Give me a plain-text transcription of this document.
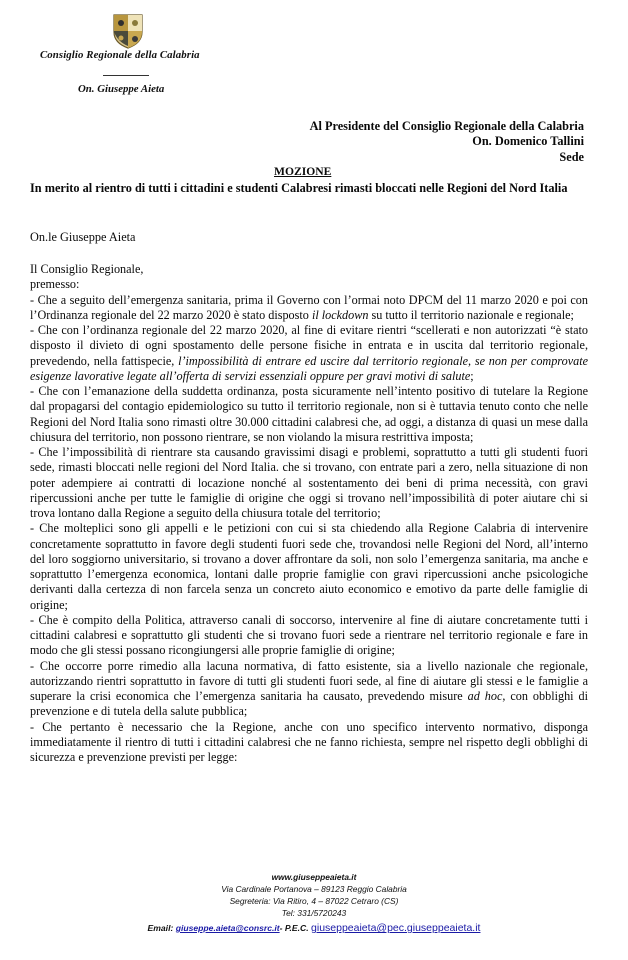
Consiglio Regionale della Calabria
On. Giuseppe Aieta
Al Presidente del Consiglio Regionale della Calabria
On. Domenico Tallini
Sede
MOZIONE
In merito al rientro di tutti i cittadini e studenti Calabresi rimasti bloccati nelle Regioni del Nord Italia
On.le Giuseppe Aieta

Il Consiglio Regionale,

premesso:

- Che a seguito dell’emergenza sanitaria, prima il Governo con l’ormai noto DPCM del 11 marzo 2020 e poi con l’Ordinanza regionale del 22 marzo 2020 è stato disposto il lockdown su tutto il territorio nazionale e regionale;

- Che con l’ordinanza regionale del 22 marzo 2020, al fine di evitare rientri “scellerati e non autorizzati “è stato disposto il divieto di ogni spostamento delle persone fisiche in entrata e in uscita dal territorio regionale, prevedendo, nella fattispecie, l’impossibilità di entrare ed uscire dal territorio regionale, se non per comprovate esigenze lavorative legate all’offerta di servizi essenziali oppure per gravi motivi di salute;

- Che con l’emanazione della suddetta ordinanza, posta sicuramente nell’intento positivo di tutelare la Regione dal propagarsi del contagio epidemiologico su tutto il territorio regionale, non si è tuttavia tenuto conto che nelle Regioni del Nord Italia sono rimasti oltre 30.000 cittadini calabresi che, ad oggi, a distanza di quasi un mese dalla chiusura del territorio, non possono rientrare, se non violando la misura restrittiva imposta;

- Che l’impossibilità di rientrare sta causando gravissimi disagi e problemi, soprattutto a tutti gli studenti fuori sede, rimasti bloccati nelle regioni del Nord Italia. che si trovano, con entrate pari a zero, nella situazione di non poter adempiere ai contratti di locazione nonché al sostentamento dei beni di prima necessità, con gravi ripercussioni anche per tutte le famiglie di origine che oggi si trovano nell’impossibilità di poter aiutare chi si trova lontano dalla Regione a seguito della chiusura totale del territorio;

- Che molteplici sono gli appelli e le petizioni con cui si sta chiedendo alla Regione Calabria di intervenire concretamente soprattutto in favore degli studenti fuori sede che, trovandosi nelle Regioni del Nord, all’interno del loro soggiorno universitario, si trovano a dover affrontare da soli, non solo l’emergenza sanitaria, ma anche e soprattutto l’emergenza economica, lontani dalle proprie famiglie con gravi ripercussioni anche psicologiche derivanti dalla certezza di non farcela senza un concreto aiuto economico e emotivo da parte delle famiglie di origine;

- Che è compito della Politica, attraverso canali di soccorso, intervenire al fine di aiutare concretamente tutti i cittadini calabresi e soprattutto gli studenti che si trovano fuori sede a rientrare nel territorio regionale e fare in modo che gli stessi possano ricongiungersi alle proprie famiglie di origine;

- Che occorre porre rimedio alla lacuna normativa, di fatto esistente, sia a livello nazionale che regionale, autorizzando rientri soprattutto in favore di tutti gli studenti fuori sede, al fine di aiutare gli stessi e le famiglie a superare la crisi economica che l’emergenza sanitaria ha causato, prevedendo misure ad hoc, con obblighi di prevenzione e di tutela della salute pubblica;

- Che pertanto è necessario che la Regione, anche con uno specifico intervento normativo, disponga immediatamente il rientro di tutti i cittadini calabresi che ne fanno richiesta, sempre nel rispetto degli obblighi di sicurezza e prevenzione previsti per legge:

www.giuseppeaieta.it
Via Cardinale Portanova – 89123 Reggio Calabria
Segreteria: Via Ritiro, 4 – 87022 Cetraro (CS)
Tel: 331/5720243
Email: giuseppe.aieta@consrc.it- P.E.C. giuseppeaieta@pec.giuseppeaieta.it
